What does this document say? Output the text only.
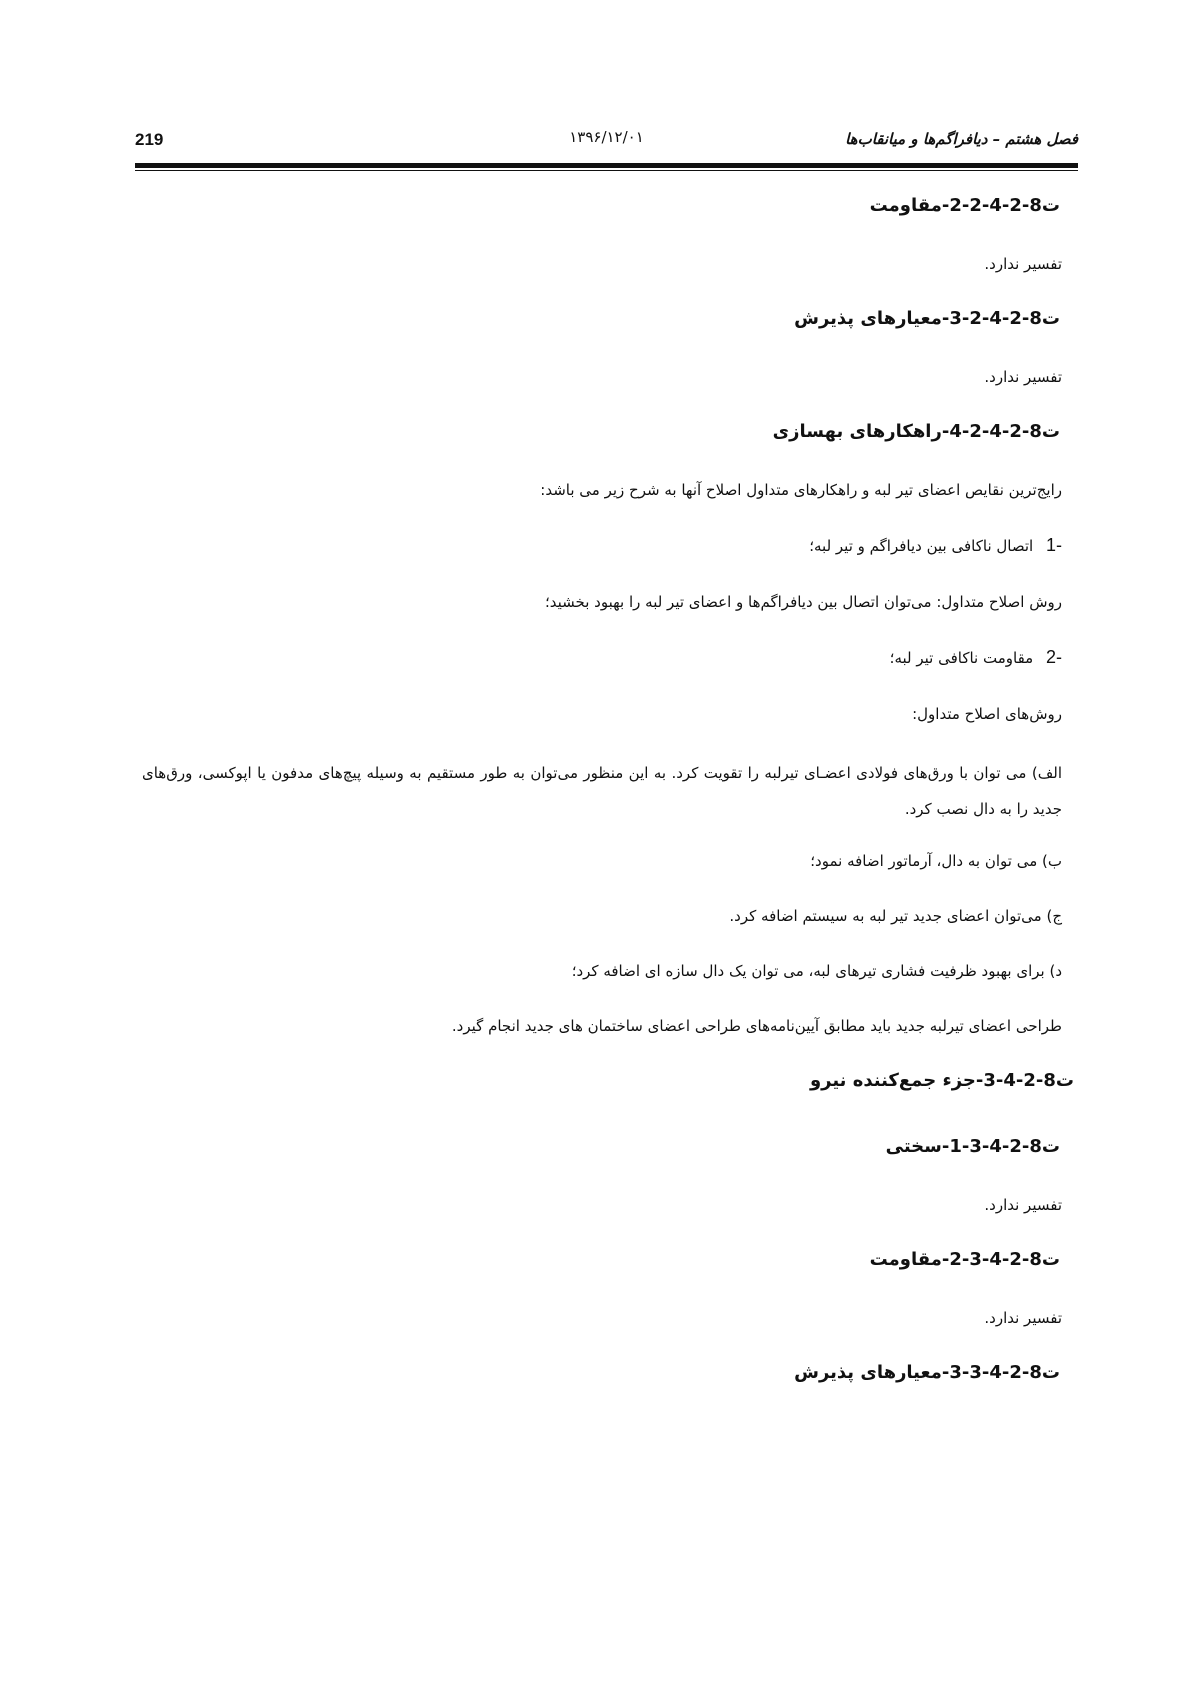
219	۱۳۹۶/۱۲/۰۱	فصل هشتم – دیافراگم‌ها و میانقاب‌ها
ت8-2-4-2-2-مقاومت
تفسیر ندارد.
ت8-2-4-2-3-معیارهای پذیرش
تفسیر ندارد.
ت8-2-4-2-4-راهکارهای بهسازی
رایج‌ترین نقایص اعضای تیر لبه و راهکارهای متداول اصلاح آنها به شرح زیر می باشد:
-1 اتصال ناکافی بین دیافراگم و تیر لبه؛
روش اصلاح متداول: می‌توان اتصال بین دیافراگم‌ها و اعضای تیر لبه را بهبود بخشید؛
-2 مقاومت ناکافی تیر لبه؛
روش‌های اصلاح متداول:
الف) می توان با ورق‌های فولادی اعضـای تیرلبه را تقویت کرد. به این منظور می‌توان به طور مستقیم به وسیله پیچ‌های مدفون یا اپوکسی، ورق‌های جدید را به دال نصب کرد.
ب) می توان به دال، آرماتور اضافه نمود؛
ج) می‌توان اعضای جدید تیر لبه به سیستم اضافه کرد.
د) برای بهبود ظرفیت فشاری تیرهای لبه، می توان یک دال سازه ای اضافه کرد؛
طراحی اعضای تیرلبه جدید باید مطابق آیین‌نامه‌های طراحی اعضای ساختمان های جدید انجام گیرد.
ت8-2-4-3-جزء جمع‌کننده نیرو
ت8-2-4-3-1-سختی
تفسیر ندارد.
ت8-2-4-3-2-مقاومت
تفسیر ندارد.
ت8-2-4-3-3-معیارهای پذیرش
